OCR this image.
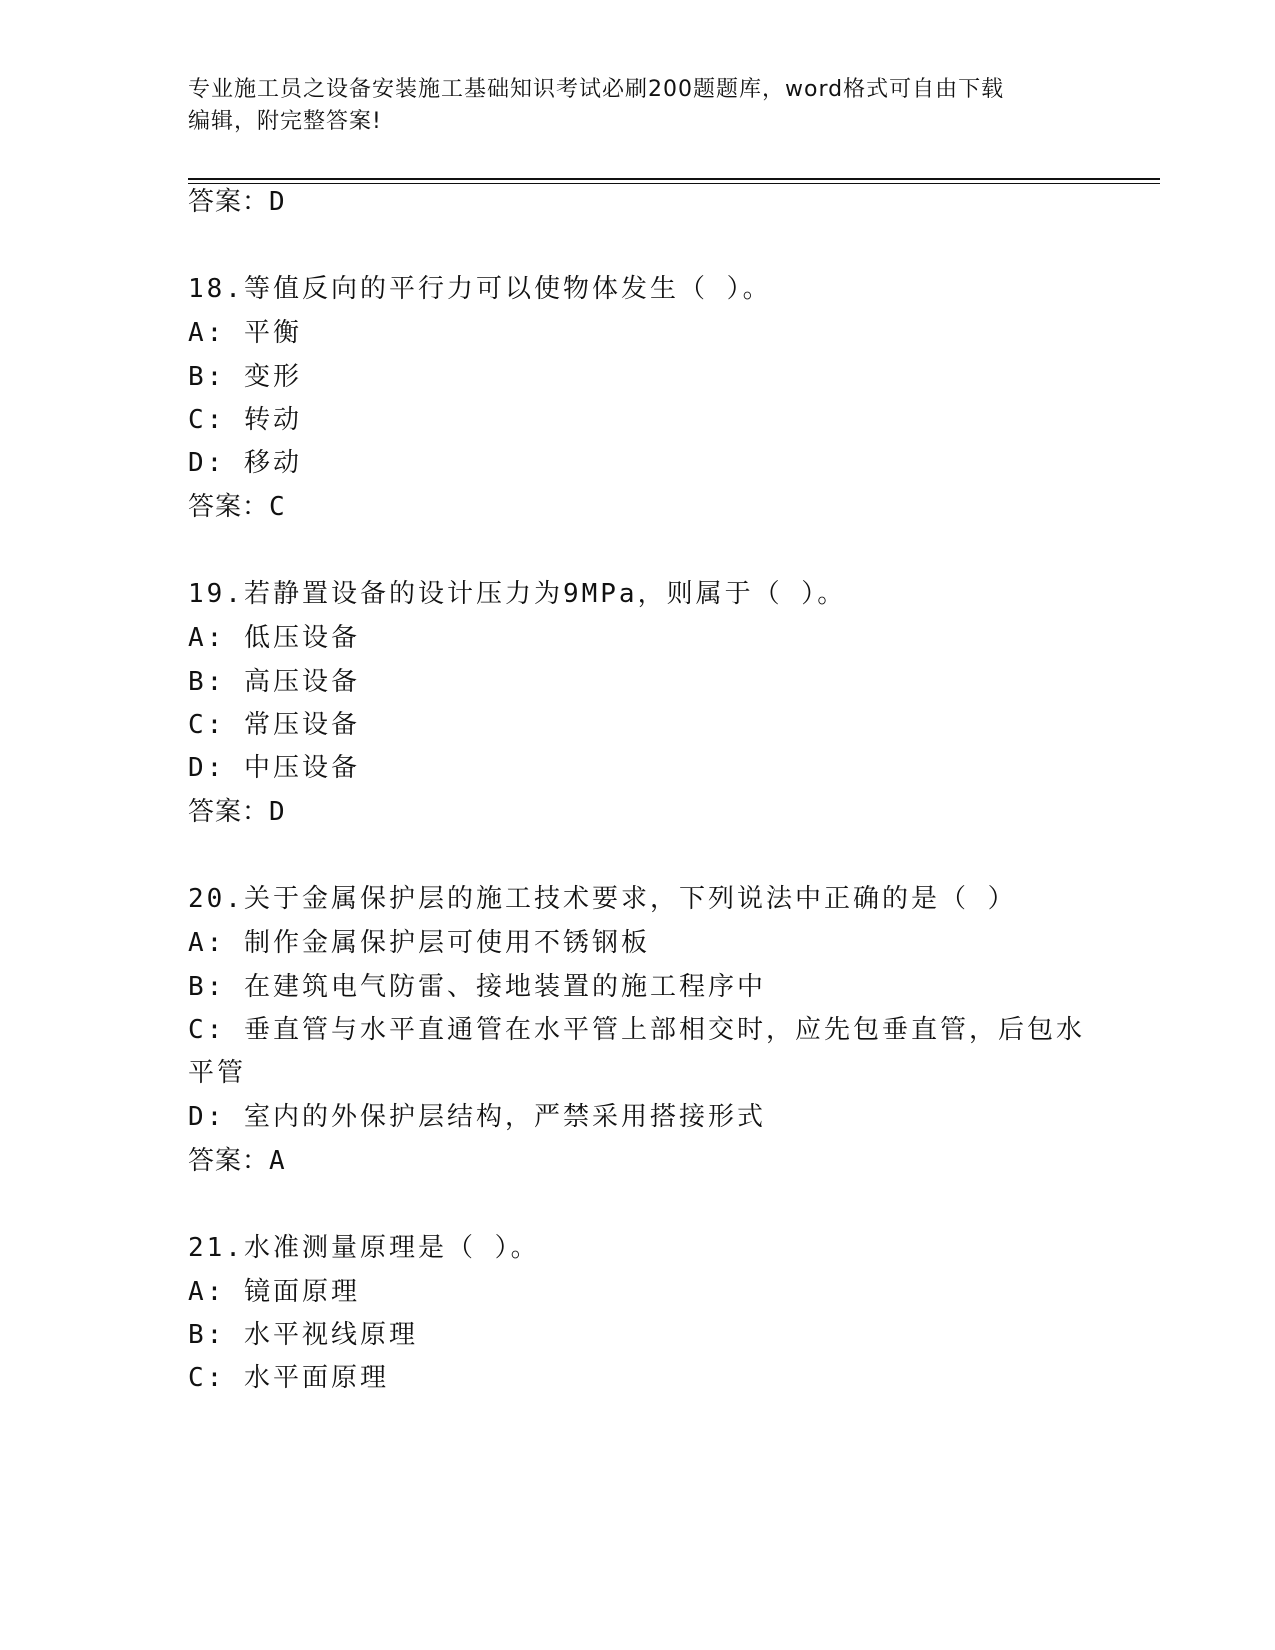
专业施工员之设备安装施工基础知识考试必刷200题题库，word格式可自由下载
编辑，附完整答案!
答案：D
18.等值反向的平行力可以使物体发生（ ）。
A: 平衡
B: 变形
C: 转动
D: 移动
答案：C
19.若静置设备的设计压力为9MPa，则属于（ ）。
A: 低压设备
B: 高压设备
C: 常压设备
D: 中压设备
答案：D
20.关于金属保护层的施工技术要求，下列说法中正确的是（ ）
A: 制作金属保护层可使用不锈钢板
B: 在建筑电气防雷、接地装置的施工程序中
C: 垂直管与水平直通管在水平管上部相交时，应先包垂直管，后包水
平管
D: 室内的外保护层结构，严禁采用搭接形式
答案：A
21.水准测量原理是（ ）。
A: 镜面原理
B: 水平视线原理
C: 水平面原理
